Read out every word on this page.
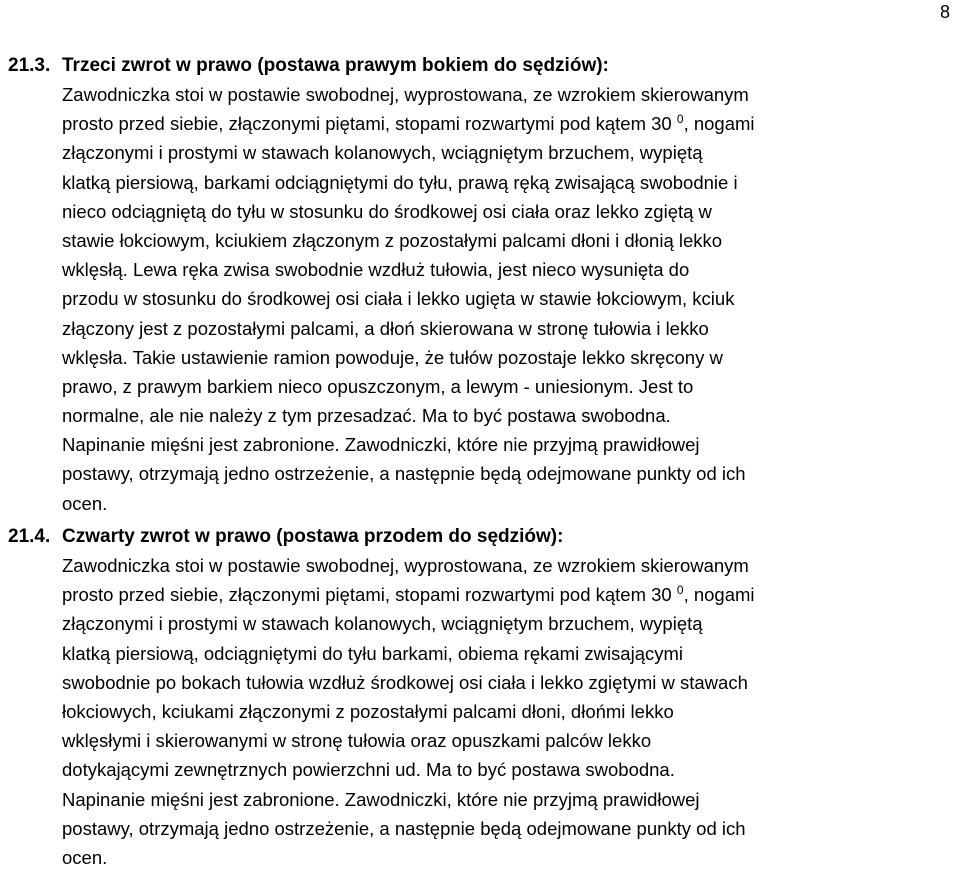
8
21.3. Trzeci zwrot w prawo (postawa prawym bokiem do sędziów):
Zawodniczka stoi w postawie swobodnej, wyprostowana, ze wzrokiem skierowanym
prosto przed siebie, złączonymi piętami, stopami rozwartymi pod kątem 30 $^0$, nogami
złączonymi i prostymi w stawach kolanowych, wciągniętym brzuchem, wypiętą
klatką piersiową, barkami odciągniętymi do tyłu, prawą ręką zwisającą swobodnie i
nieco odciągniętą do tyłu w stosunku do środkowej osi ciała oraz lekko zgiętą w
stawie łokciowym, kciukiem złączonym z pozostałymi palcami dłoni i dłonią lekko
wklęsłą. Lewa ręka zwisa swobodnie wzdłuż tułowia, jest nieco wysunięta do
przodu w stosunku do środkowej osi ciała i lekko ugięta w stawie łokciowym, kciuk
złączony jest z pozostałymi palcami, a dłoń skierowana w stronę tułowia i lekko
wklęsła. Takie ustawienie ramion powoduje, że tułów pozostaje lekko skręcony w
prawo, z prawym barkiem nieco opuszczonym, a lewym - uniesionym. Jest to
normalne, ale nie należy z tym przesadzać. Ma to być postawa swobodna.
Napinanie mięśni jest zabronione. Zawodniczki, które nie przyjmą prawidłowej
postawy, otrzymają jedno ostrzeżenie, a następnie będą odejmowane punkty od ich
ocen.
21.4. Czwarty zwrot w prawo (postawa przodem do sędziów):
Zawodniczka stoi w postawie swobodnej, wyprostowana, ze wzrokiem skierowanym
prosto przed siebie, złączonymi piętami, stopami rozwartymi pod kątem 30 $^0$, nogami
złączonymi i prostymi w stawach kolanowych, wciągniętym brzuchem, wypiętą
klatką piersiową, odciągniętymi do tyłu barkami, obiema rękami zwisającymi
swobodnie po bokach tułowia wzdłuż środkowej osi ciała i lekko zgiętymi w stawach
łokciowych, kciukami złączonymi z pozostałymi palcami dłoni, dłońmi lekko
wklęsłymi i skierowanymi w stronę tułowia oraz opuszkami palców lekko
dotykającymi zewnętrznych powierzchni ud. Ma to być postawa swobodna.
Napinanie mięśni jest zabronione. Zawodniczki, które nie przyjmą prawidłowej
postawy, otrzymają jedno ostrzeżenie, a następnie będą odejmowane punkty od ich
ocen.
